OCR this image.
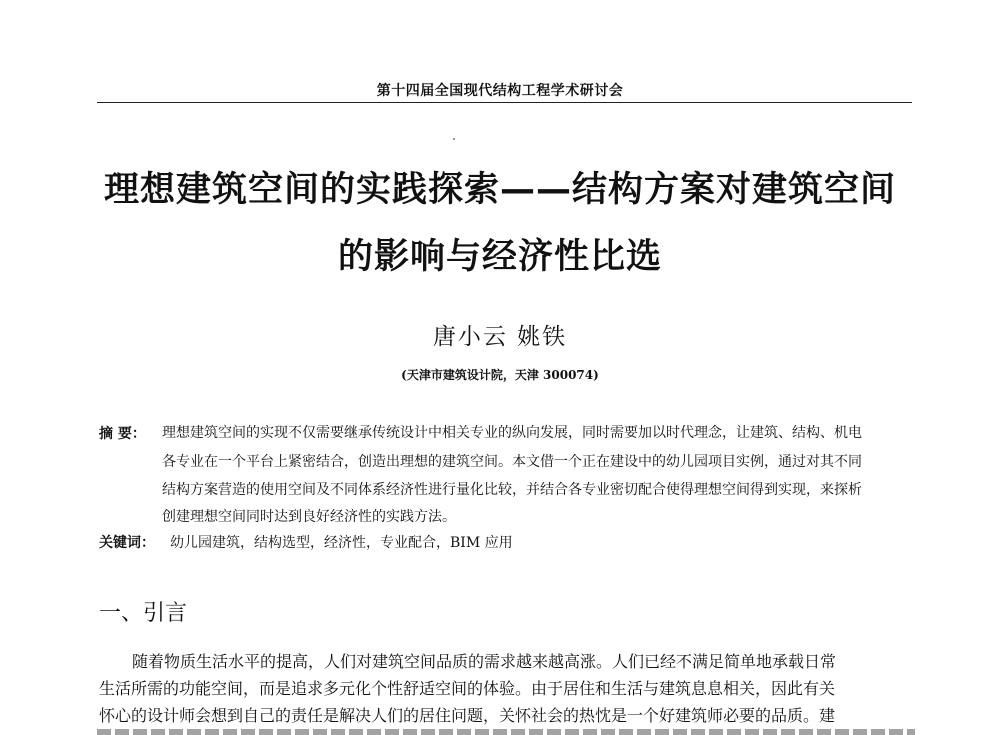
第十四届全国现代结构工程学术研讨会
理想建筑空间的实践探索——结构方案对建筑空间
的影响与经济性比选
唐小云 姚铁
(天津市建筑设计院，天津 300074)
摘 要： 理想建筑空间的实现不仅需要继承传统设计中相关专业的纵向发展，同时需要加以时代理念，让建筑、结构、机电
各专业在一个平台上紧密结合，创造出理想的建筑空间。本文借一个正在建设中的幼儿园项目实例，通过对其不同
结构方案营造的使用空间及不同体系经济性进行量化比较，并结合各专业密切配合使得理想空间得到实现，来探析
创建理想空间同时达到良好经济性的实践方法。
关键词： 幼儿园建筑，结构选型，经济性，专业配合，BIM 应用
一、引言
随着物质生活水平的提高，人们对建筑空间品质的需求越来越高涨。人们已经不满足简单地承载日常
生活所需的功能空间，而是追求多元化个性舒适空间的体验。由于居住和生活与建筑息息相关，因此有关
怀心的设计师会想到自己的责任是解决人们的居住问题，关怀社会的热忱是一个好建筑师必要的品质。建
